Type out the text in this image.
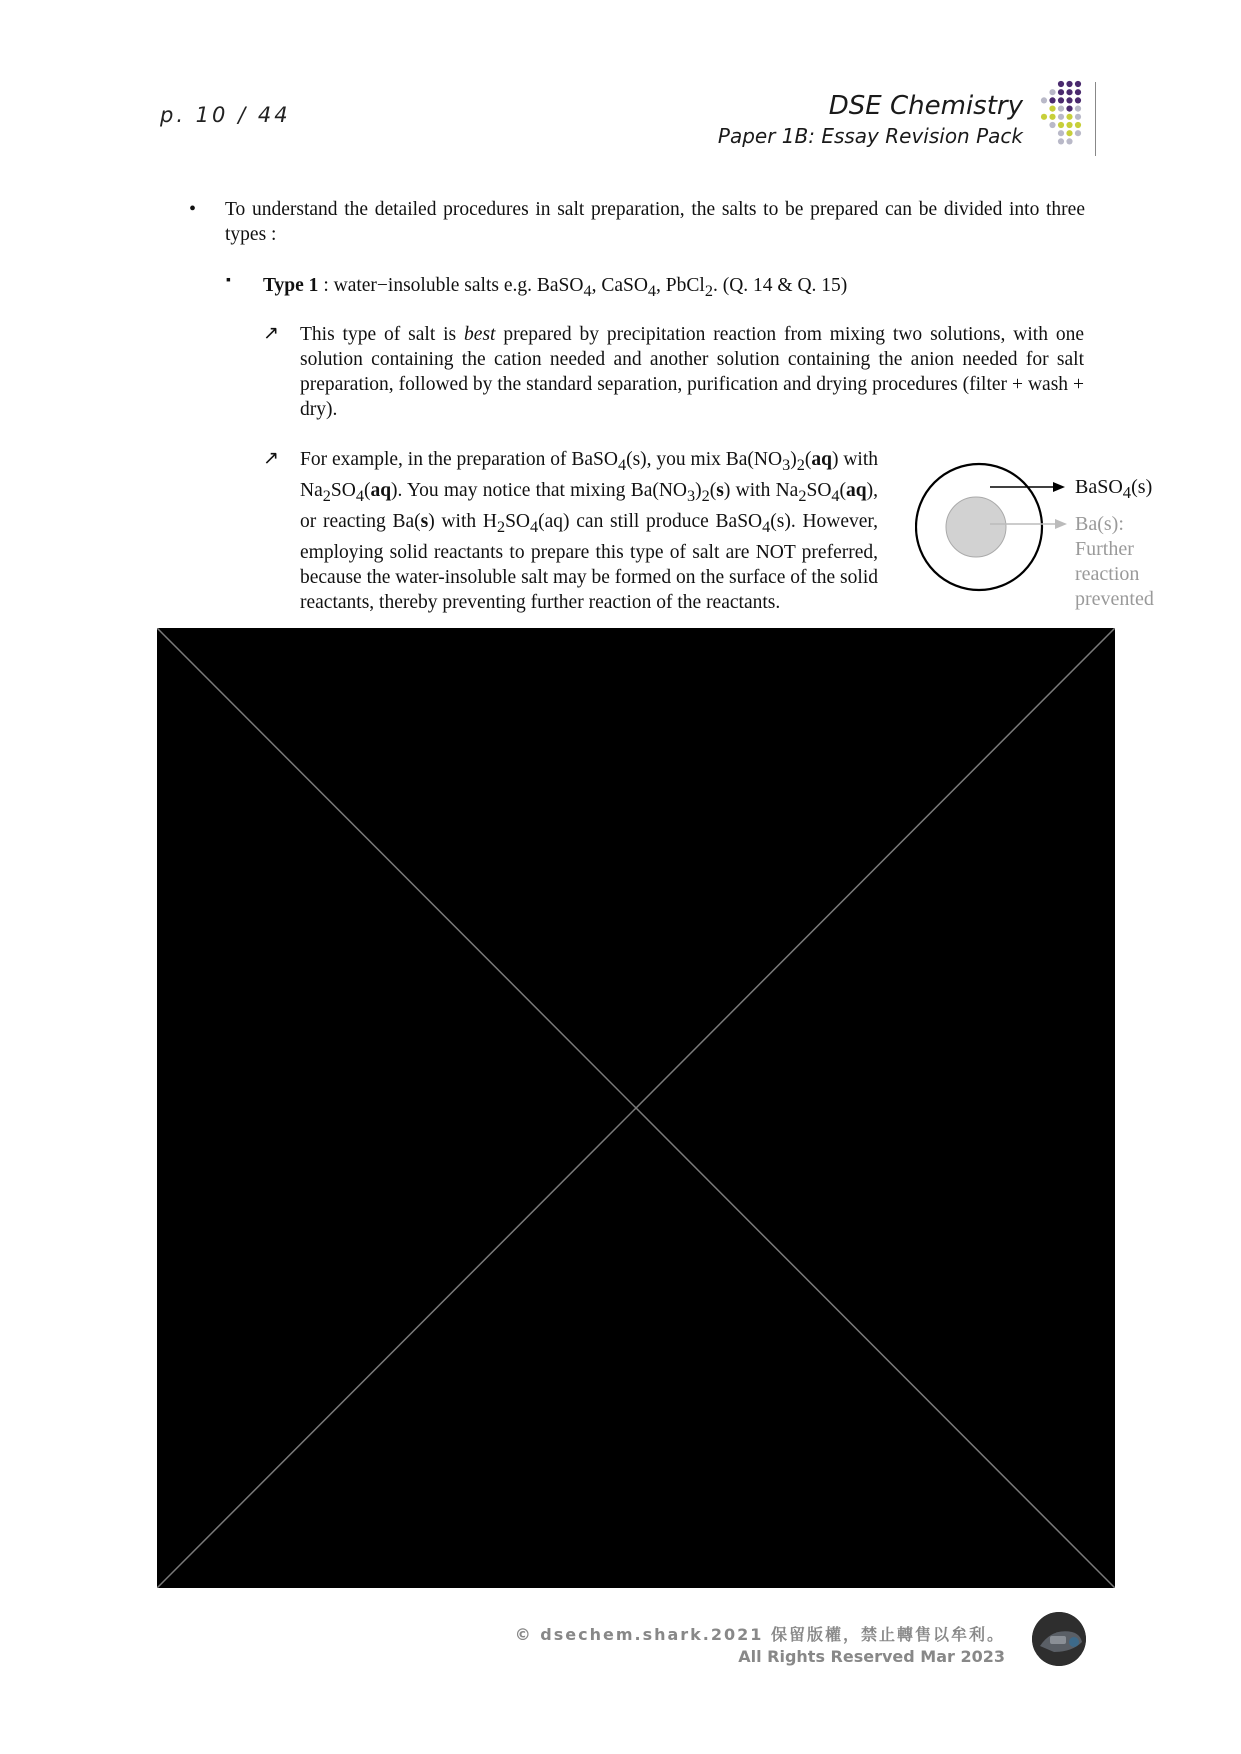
p. 10 / 44	DSE Chemistry
Paper 1B: Essay Revision Pack
• To understand the detailed procedures in salt preparation, the salts to be prepared can be divided into three types :
▪ Type 1 : water−insoluble salts e.g. BaSO$_4$, CaSO$_4$, PbCl$_2$. (Q. 14 & Q. 15)
↗ This type of salt is best prepared by precipitation reaction from mixing two solutions, with one solution containing the cation needed and another solution containing the anion needed for salt preparation, followed by the standard separation, purification and drying procedures (filter + wash + dry).
↗ For example, in the preparation of BaSO$_4$(s), you mix $Ba(NO_3)_2(aq)$ with $Na_2SO_4(aq)$. You may notice that mixing $Ba(NO_3)_2(s)$ with $Na_2SO_4(aq)$, or reacting Ba(s) with $H_2SO_4(aq)$ can still produce BaSO$_4$(s). However, employing solid reactants to prepare this type of salt are NOT preferred, because the water-insoluble salt may be formed on the surface of the solid reactants, thereby preventing further reaction of the reactants.
BaSO$_4$(s)
Ba(s):
Further
reaction
prevented
© dsechem.shark.2021 保留版權，禁止轉售以牟利。
All Rights Reserved Mar 2023
